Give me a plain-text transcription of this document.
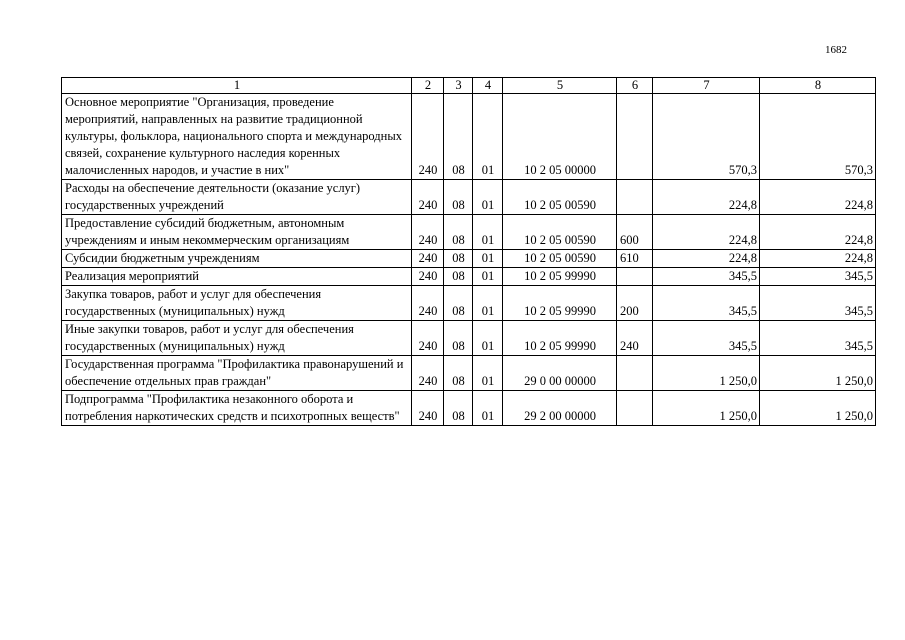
1682
1	2	3	4	5	6	7	8
Основное мероприятие "Организация, проведение мероприятий, направленных на развитие традиционной культуры, фольклора, национального спорта и международных связей, сохранение культурного наследия коренных малочисленных народов, и участие в них"	240	08	01	10 2 05 00000		570,3	570,3
Расходы на обеспечение деятельности (оказание услуг) государственных учреждений	240	08	01	10 2 05 00590		224,8	224,8
Предоставление субсидий бюджетным, автономным учреждениям и иным некоммерческим организациям	240	08	01	10 2 05 00590	600	224,8	224,8
Субсидии бюджетным учреждениям	240	08	01	10 2 05 00590	610	224,8	224,8
Реализация мероприятий	240	08	01	10 2 05 99990		345,5	345,5
Закупка товаров, работ и услуг для обеспечения государственных (муниципальных) нужд	240	08	01	10 2 05 99990	200	345,5	345,5
Иные закупки товаров, работ и услуг для обеспечения государственных (муниципальных) нужд	240	08	01	10 2 05 99990	240	345,5	345,5
Государственная программа "Профилактика правонарушений и обеспечение отдельных прав граждан"	240	08	01	29 0 00 00000		1 250,0	1 250,0
Подпрограмма "Профилактика незаконного оборота и потребления наркотических средств и психотропных веществ"	240	08	01	29 2 00 00000		1 250,0	1 250,0
